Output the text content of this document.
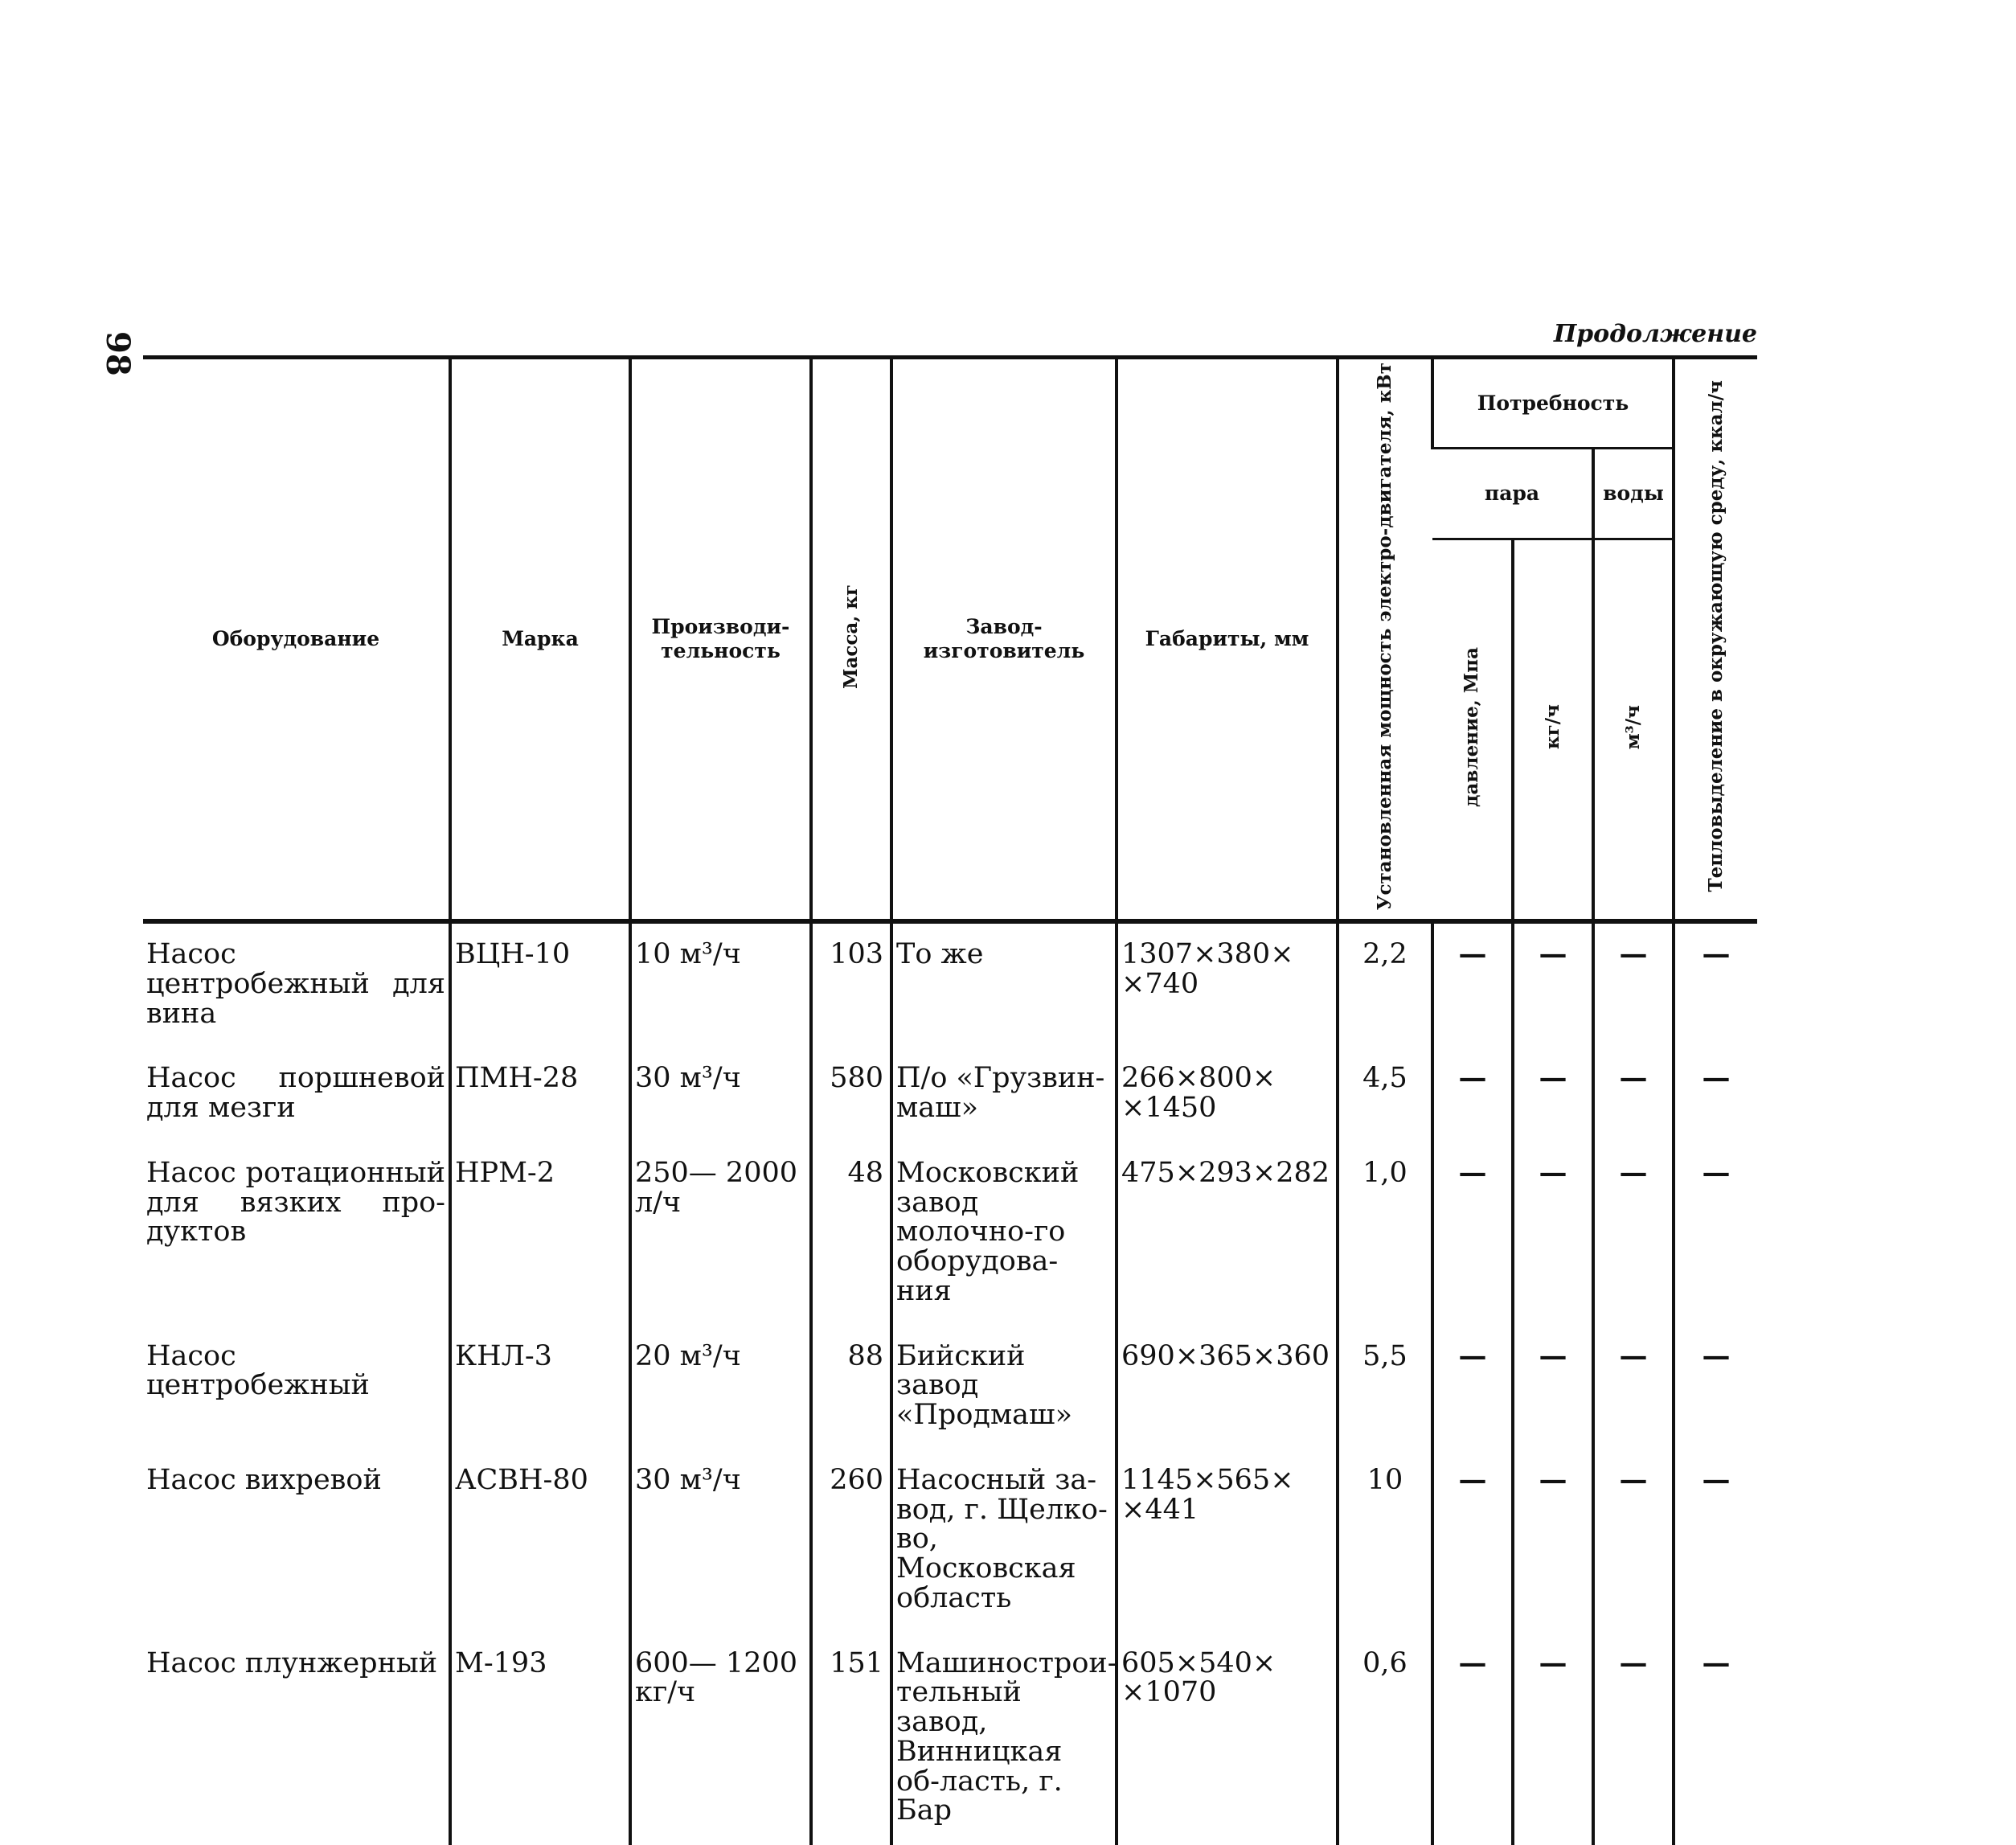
98	Продолжение
Оборудование	Марка	Производи-тельность	Масса, кг	Завод-изготовитель	Габариты, мм	Установленная мощность электро-двигателя, кВт	Потребность			Тепловыделение в окружающую среду, ккал/ч
							пара		воды	
							давление, Мпа	кг/ч	м³/ч	
Насос центробежный для вина	ВЦН-10	10 м³/ч	103	То же	1307×380× ×740	2,2	—	—	—	—
Насос поршневой для мезги	ПМН-28	30 м³/ч	580	П/о «Грузвин-маш»	266×800× ×1450	4,5	—	—	—	—
Насос ротационный для вязких про-дуктов	НРМ-2	250— 2000 л/ч	48	Московский завод молочно-го оборудова-ния	475×293×282	1,0	—	—	—	—
Насос центробежный	КНЛ-3	20 м³/ч	88	Бийский завод «Продмаш»	690×365×360	5,5	—	—	—	—
Насос вихревой	АСВН-80	30 м³/ч	260	Насосный за-вод, г. Щелко-во, Московская область	1145×565× ×441	10	—	—	—	—
Насос плунжерный	М-193	600— 1200 кг/ч	151	Машинострои-тельный завод, Винницкая об-ласть, г. Бар	605×540× ×1070	0,6	—	—	—	—
